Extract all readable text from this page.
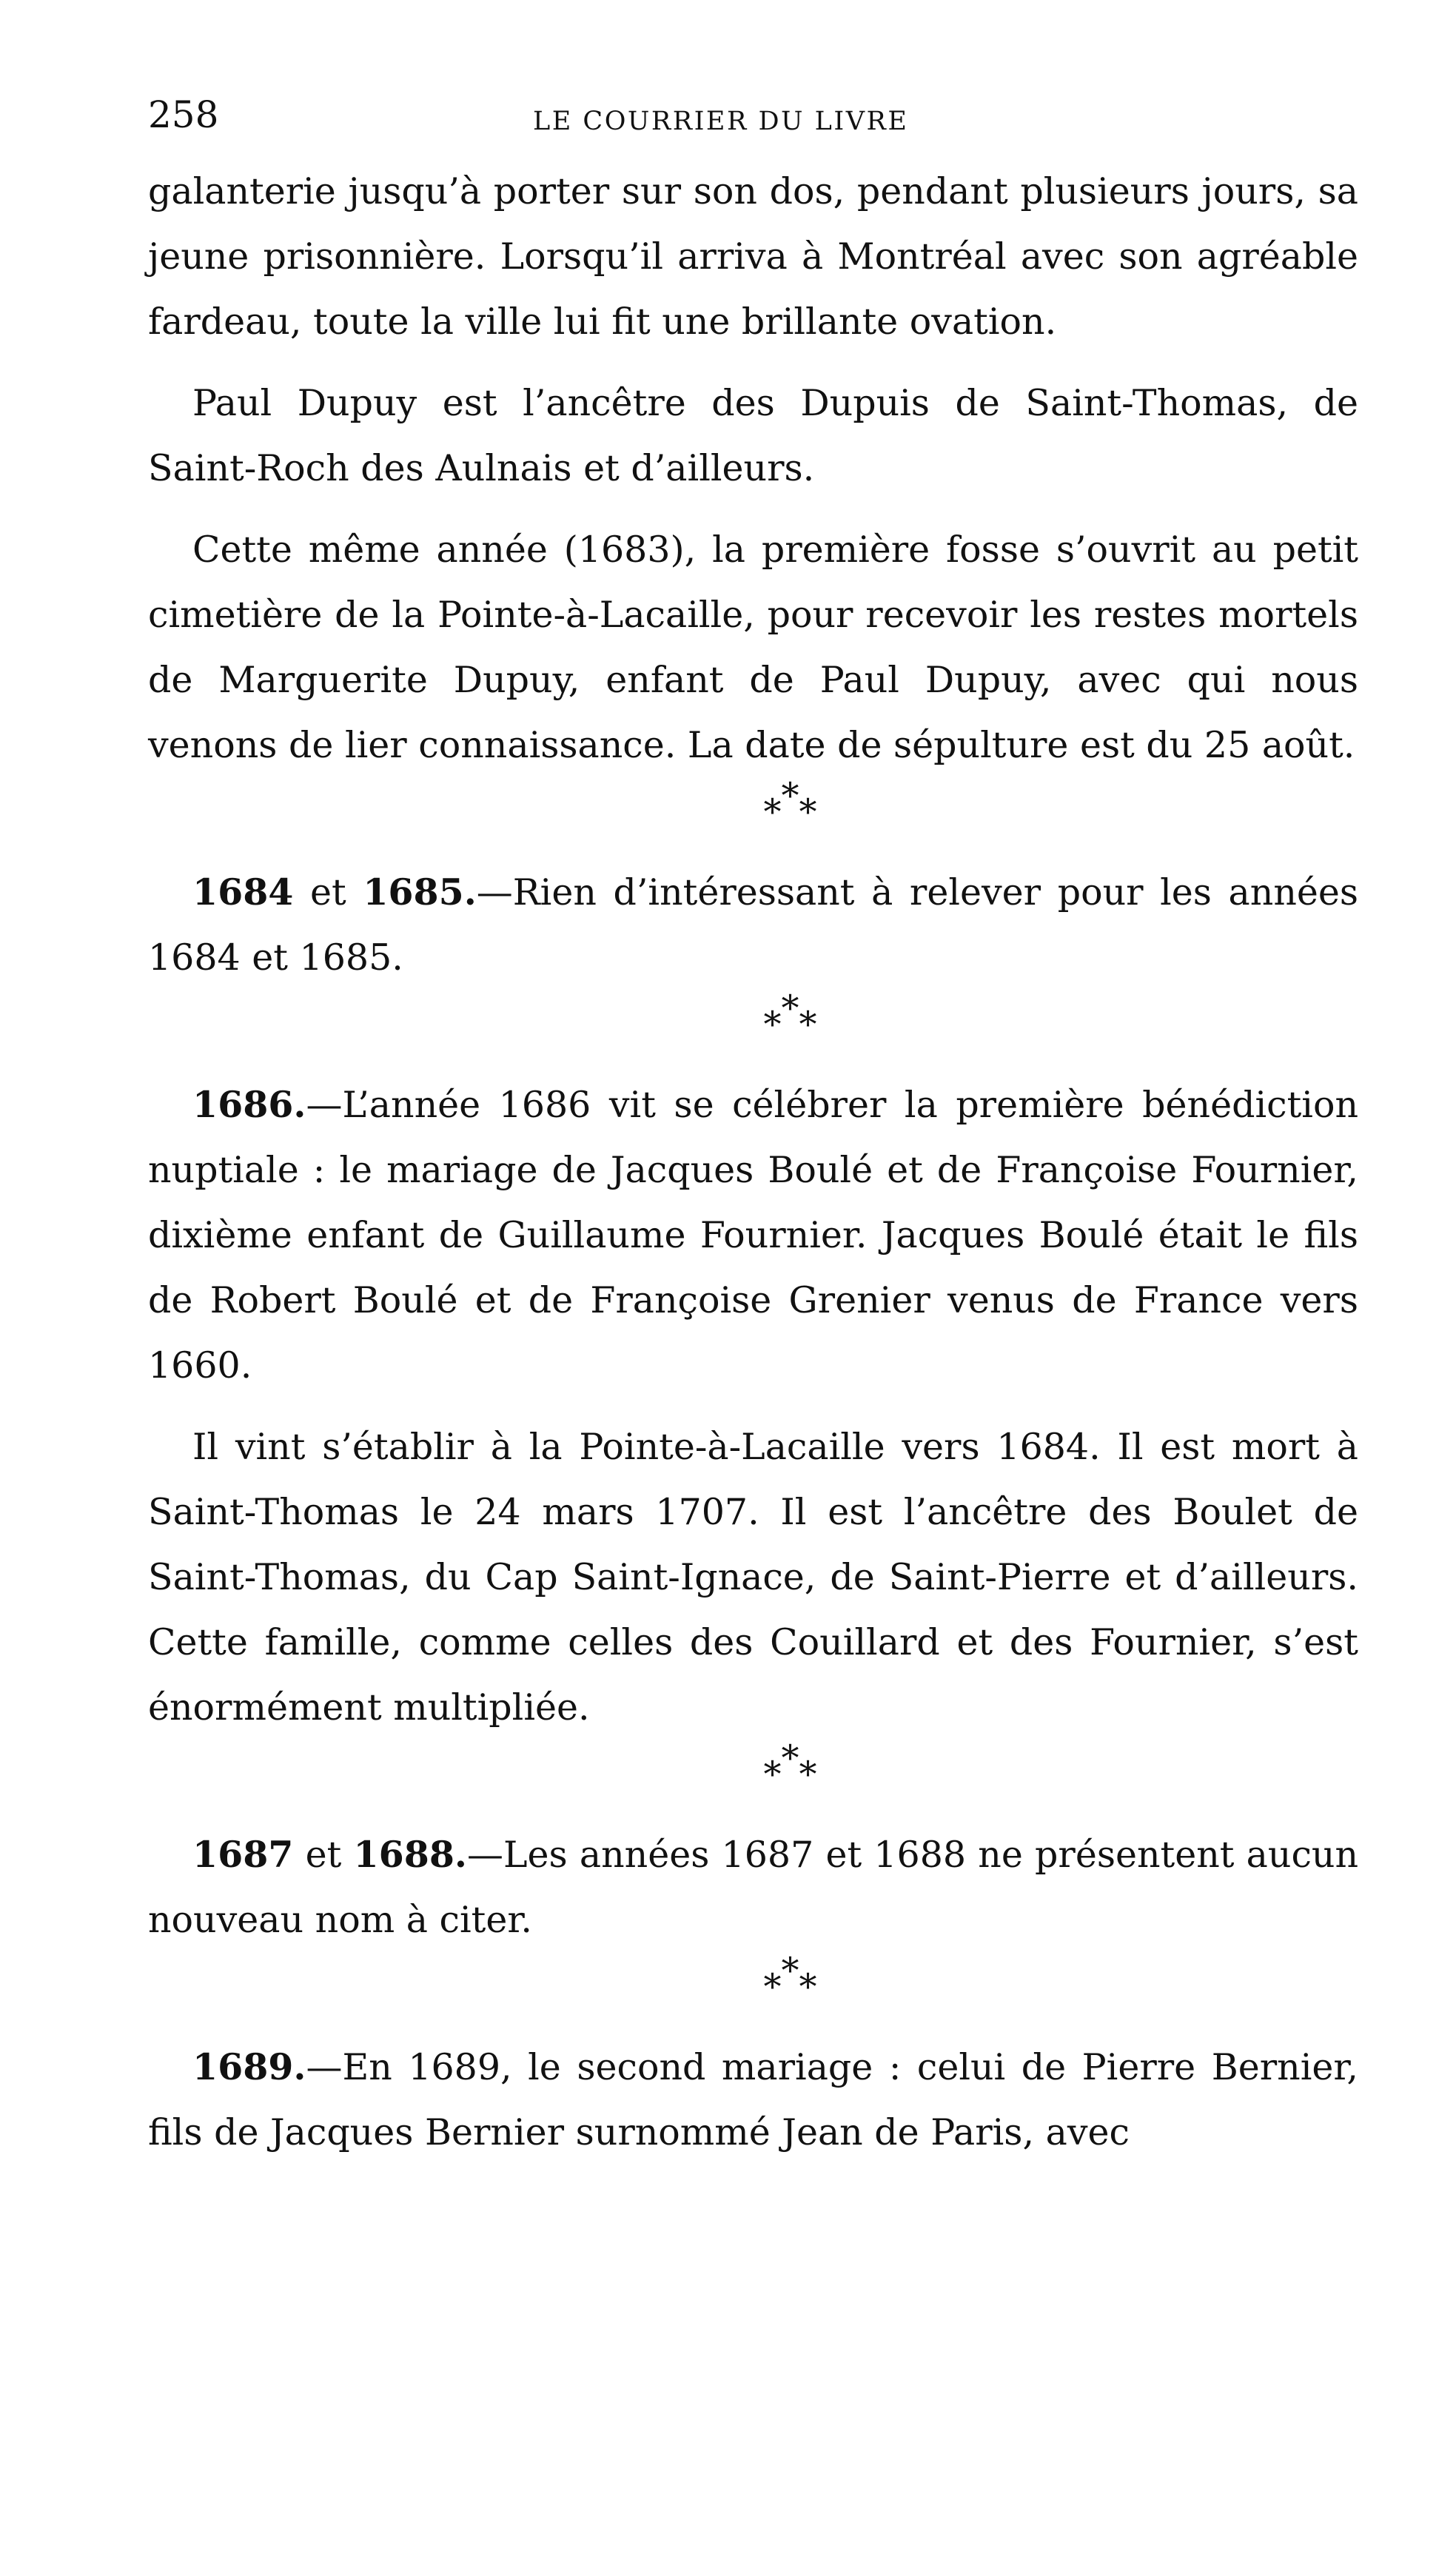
258	LE COURRIER DU LIVRE

galanterie jusqu’à porter sur son dos, pendant plusieurs jours, sa jeune prisonnière. Lorsqu’il arriva à Montréal avec son agréable fardeau, toute la ville lui fit une brillante ovation.

Paul Dupuy est l’ancêtre des Dupuis de Saint-Thomas, de Saint-Roch des Aulnais et d’ailleurs.

Cette même année (1683), la première fosse s’ouvrit au petit cimetière de la Pointe-à-Lacaille, pour recevoir les restes mortels de Marguerite Dupuy, enfant de Paul Dupuy, avec qui nous venons de lier connaissance. La date de sépulture est du 25 août.

***

1684 et 1685.—Rien d’intéressant à relever pour les années 1684 et 1685.

***

1686.—L’année 1686 vit se célébrer la première bénédiction nuptiale : le mariage de Jacques Boulé et de Françoise Fournier, dixième enfant de Guillaume Fournier. Jacques Boulé était le fils de Robert Boulé et de Françoise Grenier venus de France vers 1660.

Il vint s’établir à la Pointe-à-Lacaille vers 1684. Il est mort à Saint-Thomas le 24 mars 1707. Il est l’ancêtre des Boulet de Saint-Thomas, du Cap Saint-Ignace, de Saint-Pierre et d’ailleurs. Cette famille, comme celles des Couillard et des Fournier, s’est énormément multipliée.

***

1687 et 1688.—Les années 1687 et 1688 ne présentent aucun nouveau nom à citer.

***

1689.—En 1689, le second mariage : celui de Pierre Bernier, fils de Jacques Bernier surnommé Jean de Paris, avec
